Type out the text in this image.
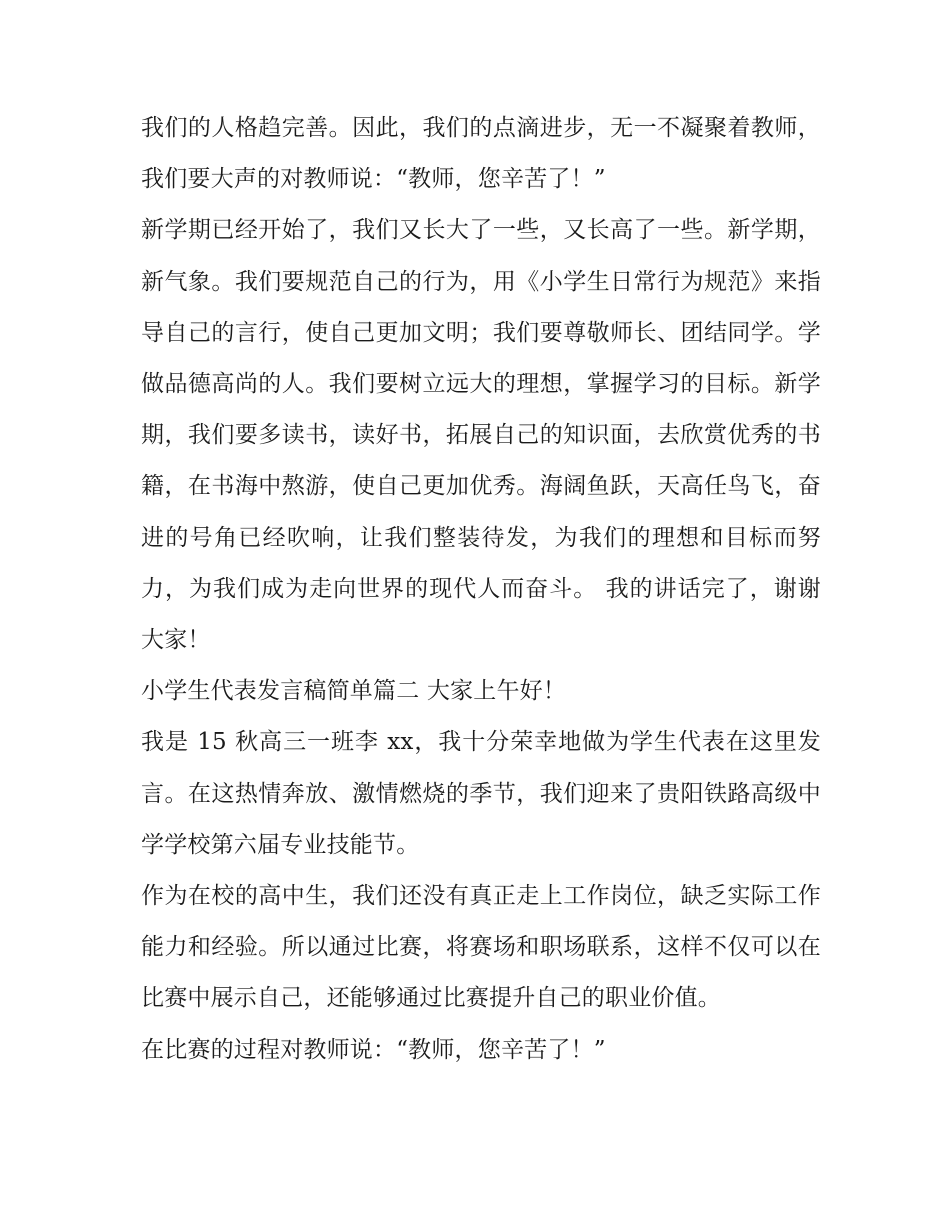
我们的人格趋完善。因此，我们的点滴进步，无一不凝聚着教师，我们要大声的对教师说：“教师，您辛苦了！”

新学期已经开始了，我们又长大了一些，又长高了一些。新学期，新气象。我们要规范自己的行为，用《小学生日常行为规范》来指导自己的言行，使自己更加文明；我们要尊敬师长、团结同学。学做品德高尚的人。我们要树立远大的理想，掌握学习的目标。新学期，我们要多读书，读好书，拓展自己的知识面，去欣赏优秀的书籍，在书海中熬游，使自己更加优秀。海阔鱼跃，天高任鸟飞，奋进的号角已经吹响，让我们整装待发，为我们的理想和目标而努力，为我们成为走向世界的现代人而奋斗。 我的讲话完了，谢谢大家！

小学生代表发言稿简单篇二 大家上午好！

我是 15 秋高三一班李 xx，我十分荣幸地做为学生代表在这里发言。在这热情奔放、激情燃烧的季节，我们迎来了贵阳铁路高级中学学校第六届专业技能节。

作为在校的高中生，我们还没有真正走上工作岗位，缺乏实际工作能力和经验。所以通过比赛，将赛场和职场联系，这样不仅可以在比赛中展示自己，还能够通过比赛提升自己的职业价值。

在比赛的过程对教师说：“教师，您辛苦了！”
